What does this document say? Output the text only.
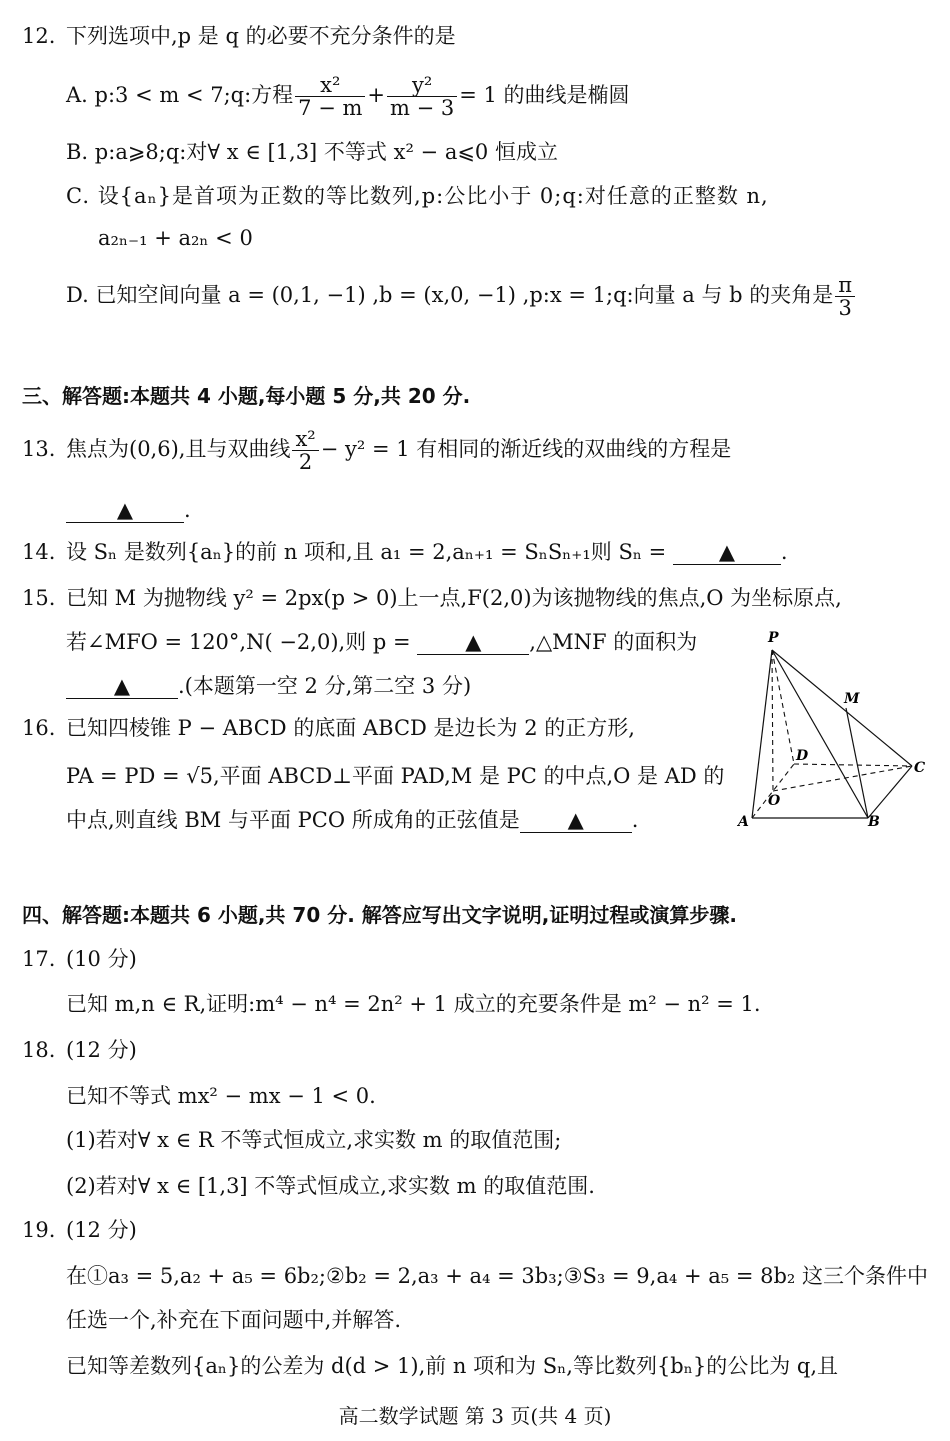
12. 下列选项中,p 是 q 的必要不充分条件的是
A. p:3 < m < 7;q:方程 $\frac{\text{x²}}{7 - m} + \frac{\text{y²}}{m - 3} = 1$ 的曲线是椭圆
B. p:a⩾8;q:对∀ x ∈ [1,3] 不等式 x² − a⩽0 恒成立
C. 设{aₙ}是首项为正数的等比数列,p:公比小于 0;q:对任意的正整数 n,
a₂ₙ₋₁ + a₂ₙ < 0
D. 已知空间向量 a = (0,1, −1) ,b = (x,0, −1) ,p:x = 1;q:向量 a 与 b 的夹角是 $\frac{\pi}{3}$
三、解答题:本题共 4 小题,每小题 5 分,共 20 分.
13. 焦点为(0,6),且与双曲线 $\frac{\text{x²}}{2} - y^2 = 1$ 有相同的渐近线的双曲线的方程是
▲ .
14. 设 Sₙ 是数列{aₙ}的前 n 项和,且 a₁ = 2,aₙ₊₁ = SₙSₙ₊₁则 Sₙ =	▲ .
15. 已知 M 为抛物线 y² = 2px(p > 0)上一点,F(2,0)为该抛物线的焦点,O 为坐标原点,
若∠MFO = 120°,N( −2,0),则 p =	▲ ,△MNF 的面积为
▲ .(本题第一空 2 分,第二空 3 分)
16. 已知四棱锥 P − ABCD 的底面 ABCD 是边长为 2 的正方形,
PA = PD = √5,平面 ABCD⊥平面 PAD,M 是 PC 的中点,O 是 AD 的
中点,则直线 BM 与平面 PCO 所成角的正弦值是 ▲ .
P
M
D
C
O
A	B
四、解答题:本题共 6 小题,共 70 分. 解答应写出文字说明,证明过程或演算步骤.
17. (10 分)
已知 m,n ∈ R,证明:m⁴ − n⁴ = 2n² + 1 成立的充要条件是 m² − n² = 1.
18. (12 分)
已知不等式 mx² − mx − 1 < 0.
(1)若对∀ x ∈ R 不等式恒成立,求实数 m 的取值范围;
(2)若对∀ x ∈ [1,3] 不等式恒成立,求实数 m 的取值范围.
19. (12 分)
在①a₃ = 5,a₂ + a₅ = 6b₂;②b₂ = 2,a₃ + a₄ = 3b₃;③S₃ = 9,a₄ + a₅ = 8b₂ 这三个条件中
任选一个,补充在下面问题中,并解答.
已知等差数列{aₙ}的公差为 d(d > 1),前 n 项和为 Sₙ,等比数列{bₙ}的公比为 q,且
高二数学试题 第 3 页(共 4 页)
